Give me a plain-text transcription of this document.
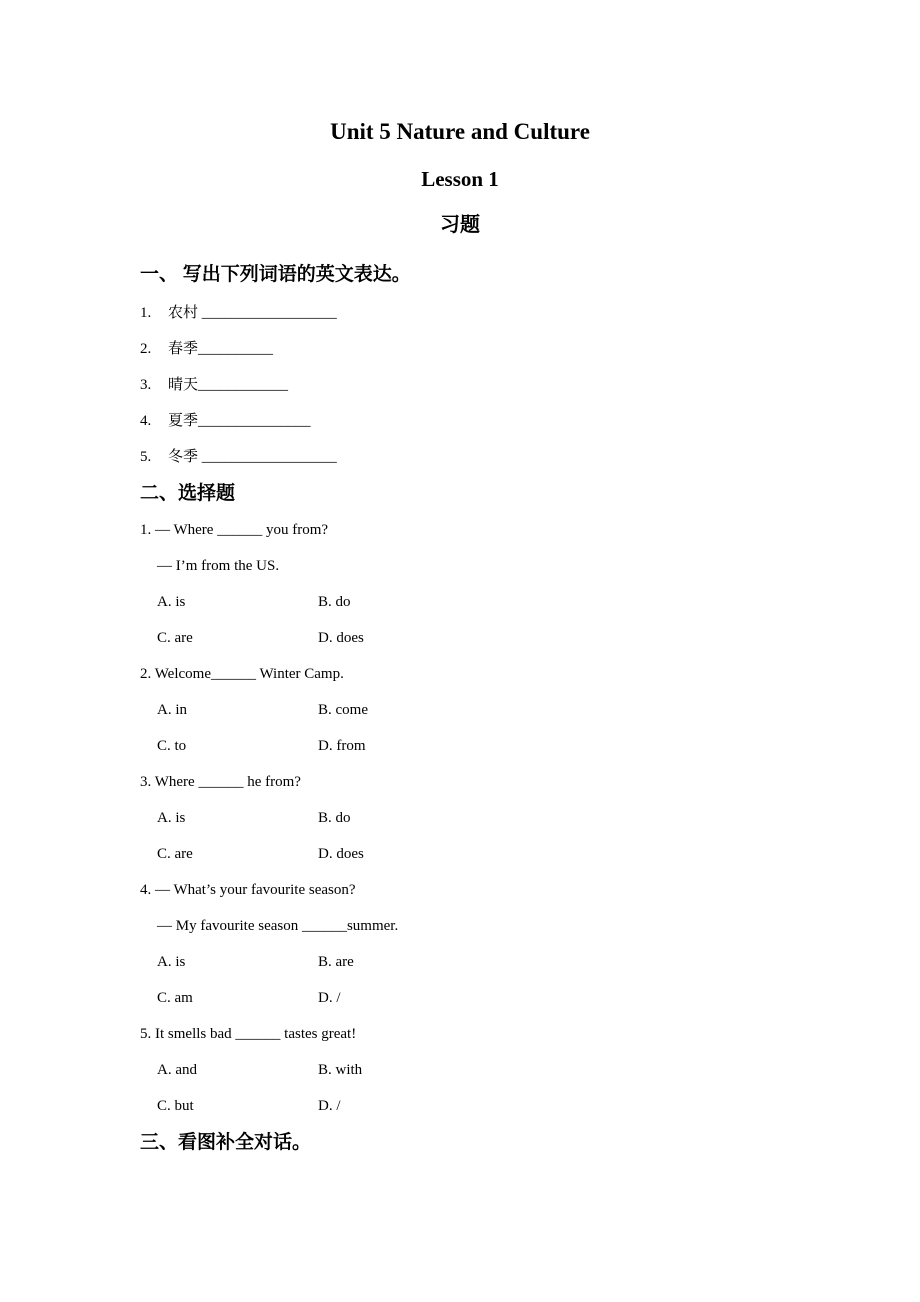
Unit 5 Nature and Culture
Lesson 1
习题
一、 写出下列词语的英文表达。
1. 农村 __________________
2. 春季__________
3. 晴天____________
4. 夏季_______________
5. 冬季 __________________
二、选择题
1. — Where ______ you from?
— I’m from the US.
A. is	B. do
C. are	D. does
2. Welcome______ Winter Camp.
A. in	B. come
C. to	D. from
3. Where ______ he from?
A. is	B. do
C. are	D. does
4. — What’s your favourite season?
— My favourite season ______summer.
A. is	B. are
C. am	D. /
5. It smells bad ______ tastes great!
A. and	B. with
C. but	D. /
三、看图补全对话。
